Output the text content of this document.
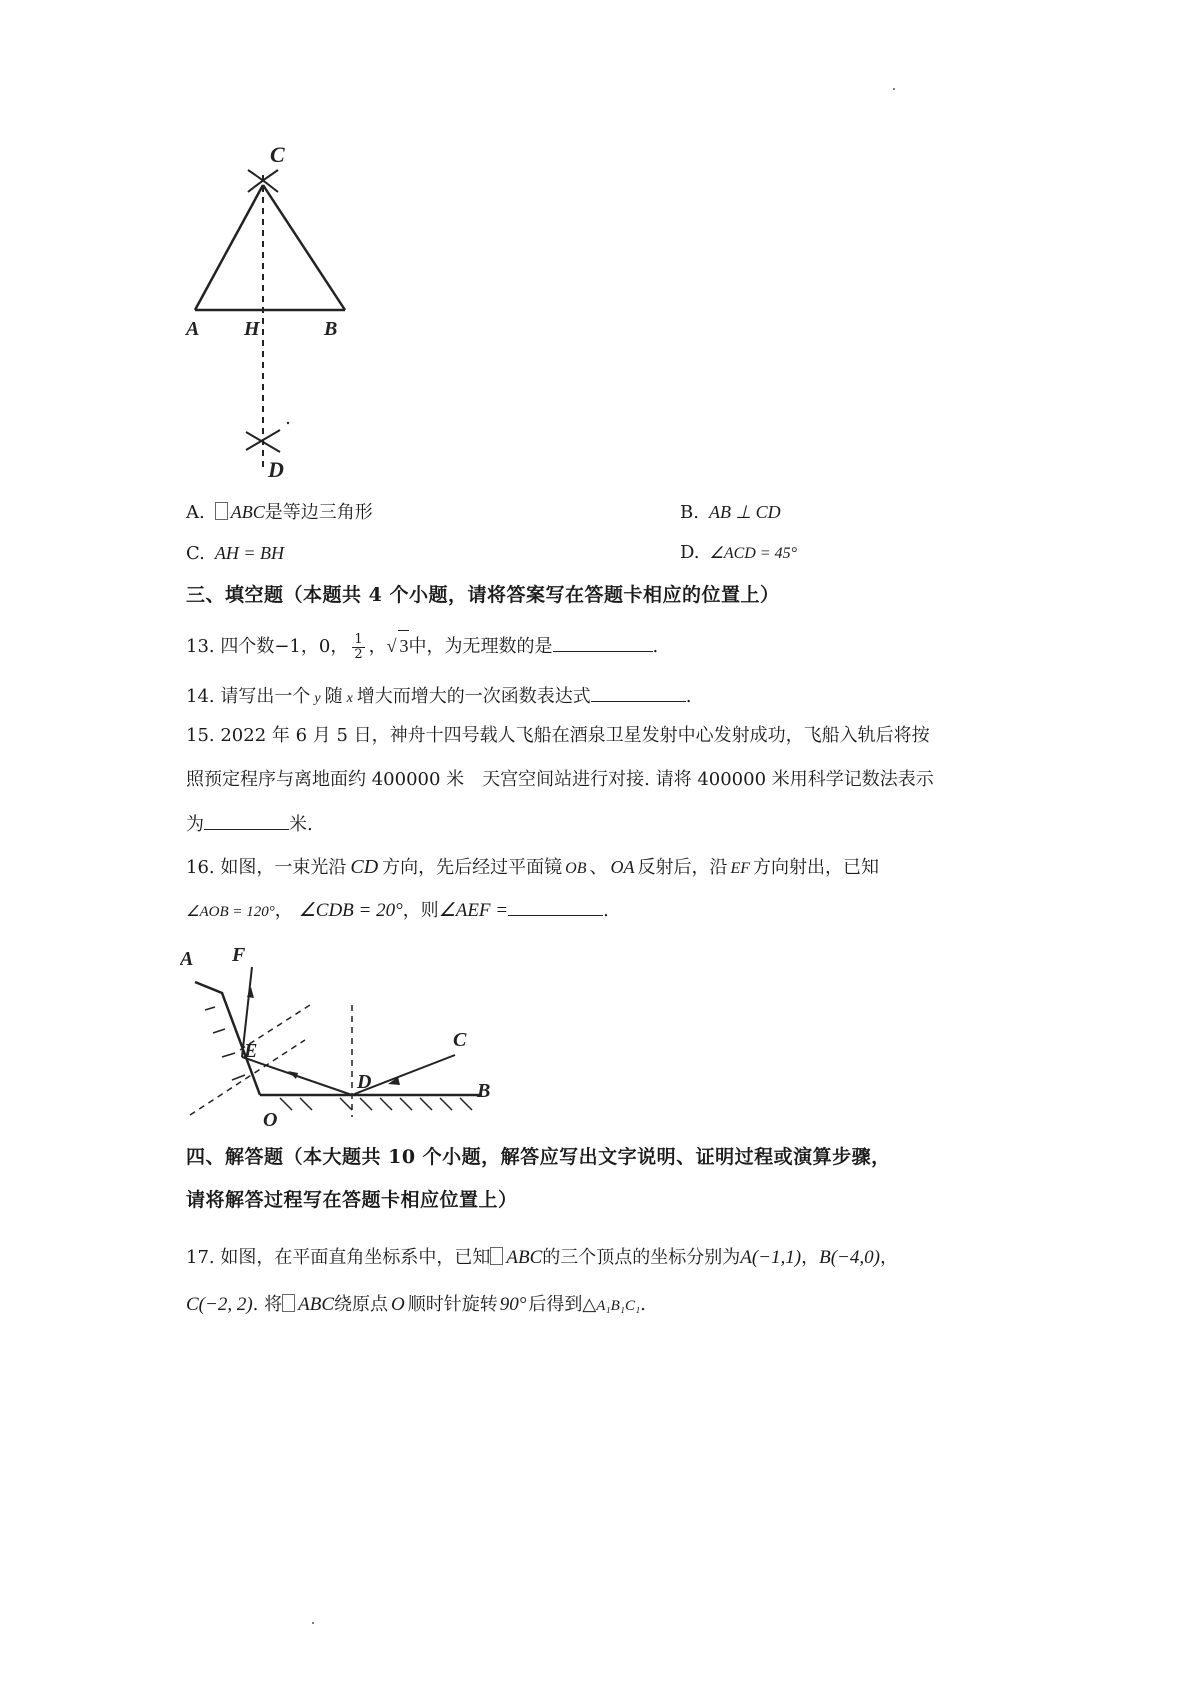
C
A H	B
D
A. ABC是等边三角形	B. AB ⊥ CD
C. AH = BH	D. ∠ACD = 45°
三、填空题（本题共 4 个小题，请将答案写在答题卡相应的位置上）
13. 四个数−1，0， $\frac{1}{2}$ ，√ 3中，为无理数的是	.
14. 请写出一个 y 随 x 增大而增大的一次函数表达式	.
15. 2022 年 6 月 5 日，神舟十四号载人飞船在酒泉卫星发射中心发射成功，飞船入轨后将按
照预定程序与离地面约 400000 米　天宫空间站进行对接. 请将 400000 米用科学记数法表示
为	米.
16. 如图，一束光沿 CD 方向，先后经过平面镜 OB 、 OA 反射后，沿 EF 方向射出，已知
∠AOB = 120°， ∠CDB = 20°，则∠AEF =	.
A F
E	C
D
O
B
四、解答题（本大题共 10 个小题，解答应写出文字说明、证明过程或演算步骤，
请将解答过程写在答题卡相应位置上）
17. 如图，在平面直角坐标系中，已知 ABC的三个顶点的坐标分别为A(−1,1)，B(−4,0)，
C(−2, 2). 将 ABC绕原点 O 顺时针旋转 90° 后得到△A₁B₁C₁.
